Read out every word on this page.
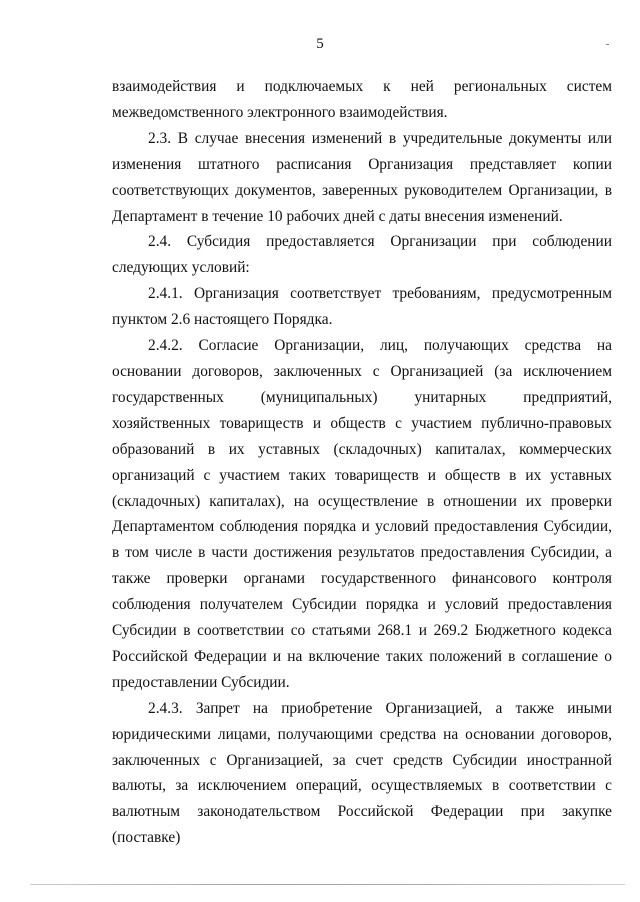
5

взаимодействия и подключаемых к ней региональных систем межведомственного электронного взаимодействия.

2.3. В случае внесения изменений в учредительные документы или изменения штатного расписания Организация представляет копии соответствующих документов, заверенных руководителем Организации, в Департамент в течение 10 рабочих дней с даты внесения изменений.

2.4. Субсидия предоставляется Организации при соблюдении следующих условий:

2.4.1. Организация соответствует требованиям, предусмотренным пунктом 2.6 настоящего Порядка.

2.4.2. Согласие Организации, лиц, получающих средства на основании договоров, заключенных с Организацией (за исключением государственных (муниципальных) унитарных предприятий, хозяйственных товариществ и обществ с участием публично-правовых образований в их уставных (складочных) капиталах, коммерческих организаций с участием таких товариществ и обществ в их уставных (складочных) капиталах), на осуществление в отношении их проверки Департаментом соблюдения порядка и условий предоставления Субсидии, в том числе в части достижения результатов предоставления Субсидии, а также проверки органами государственного финансового контроля соблюдения получателем Субсидии порядка и условий предоставления Субсидии в соответствии со статьями 268.1 и 269.2 Бюджетного кодекса Российской Федерации и на включение таких положений в соглашение о предоставлении Субсидии.

2.4.3. Запрет на приобретение Организацией, а также иными юридическими лицами, получающими средства на основании договоров, заключенных с Организацией, за счет средств Субсидии иностранной валюты, за исключением операций, осуществляемых в соответствии с валютным законодательством Российской Федерации при закупке (поставке)
